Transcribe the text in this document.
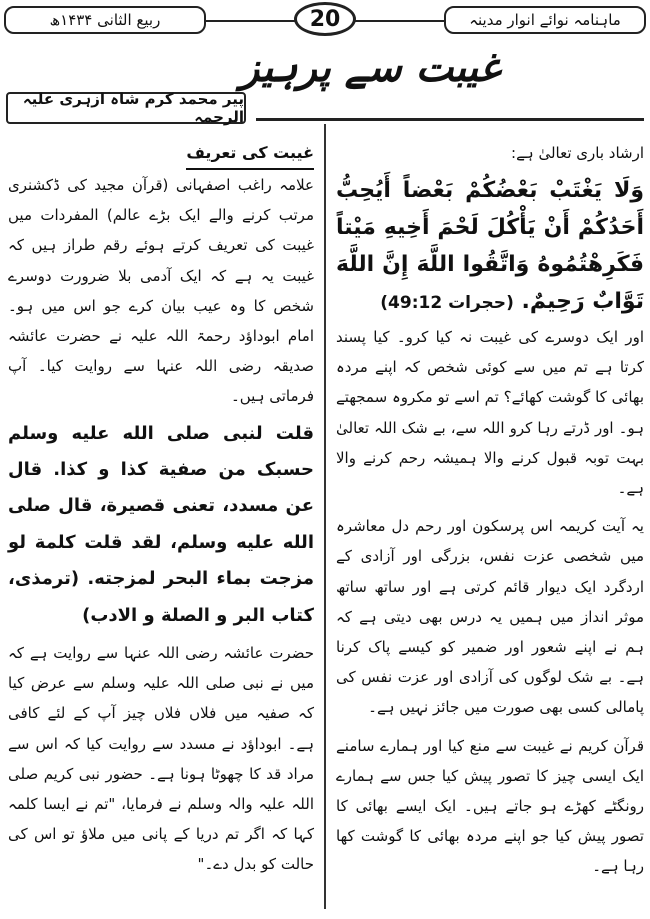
ماہنامہ نوائے انوار مدینہ
20
ربیع الثانی ۱۴۳۴ھ
غیبت سے پرہیز
پیر محمد کرم شاہ ازہری علیہ الرحمہ

ارشاد باری تعالیٰ ہے:

وَلَا يَغْتَبْ بَعْضُكُمْ بَعْضاً أَيُحِبُّ أَحَدُكُمْ أَنْ يَأْكُلَ لَحْمَ أَخِيهِ مَيْتاً فَكَرِهْتُمُوهُ وَاتَّقُوا اللَّهَ إِنَّ اللَّهَ تَوَّابٌ رَحِيمٌ. (حجرات 49:12)

اور ایک دوسرے کی غیبت نہ کیا کرو۔ کیا پسند کرتا ہے تم میں سے کوئی شخص کہ اپنے مردہ بھائی کا گوشت کھائے؟ تم اسے تو مکروہ سمجھتے ہو۔ اور ڈرتے رہا کرو اللہ سے، بے شک اللہ تعالیٰ بہت توبہ قبول کرنے والا ہمیشہ رحم کرنے والا ہے۔

یہ آیت کریمہ اس پرسکون اور رحم دل معاشرہ میں شخصی عزت نفس، بزرگی اور آزادی کے اردگرد ایک دیوار قائم کرتی ہے اور ساتھ ساتھ موثر انداز میں ہمیں یہ درس بھی دیتی ہے کہ ہم نے اپنے شعور اور ضمیر کو کیسے پاک کرنا ہے۔ بے شک لوگوں کی آزادی اور عزت نفس کی پامالی کسی بھی صورت میں جائز نہیں ہے۔

قرآن کریم نے غیبت سے منع کیا اور ہمارے سامنے ایک ایسی چیز کا تصور پیش کیا جس سے ہمارے رونگٹے کھڑے ہو جاتے ہیں۔ ایک ایسے بھائی کا تصور پیش کیا جو اپنے مردہ بھائی کا گوشت کھا رہا ہے۔

غیبت کی تعریف

علامہ راغب اصفہانی (قرآن مجید کی ڈکشنری مرتب کرنے والے ایک بڑے عالم) المفردات میں غیبت کی تعریف کرتے ہوئے رقم طراز ہیں کہ غیبت یہ ہے کہ ایک آدمی بلا ضرورت دوسرے شخص کا وہ عیب بیان کرے جو اس میں ہو۔ امام ابوداؤد رحمۃ اللہ علیہ نے حضرت عائشہ صدیقہ رضی اللہ عنہا سے روایت کیا۔ آپ فرماتی ہیں۔

قلت لنبى صلى الله عليه وسلم حسبک من صفية كذا و كذا. قال عن مسدد، تعنى قصيرة، قال صلى الله عليه وسلم، لقد قلت كلمة لو مزجت بماء البحر لمزجته. (ترمذی، کتاب البر و الصلة و الادب)

حضرت عائشہ رضی اللہ عنہا سے روایت ہے کہ میں نے نبی صلی اللہ علیہ وسلم سے عرض کیا کہ صفیہ میں فلاں فلاں چیز آپ کے لئے کافی ہے۔ ابوداؤد نے مسدد سے روایت کیا کہ اس سے مراد قد کا چھوٹا ہونا ہے۔ حضور نبی کریم صلی اللہ علیہ والہ وسلم نے فرمایا، "تم نے ایسا کلمہ کہا کہ اگر تم دریا کے پانی میں ملاؤ تو اس کی حالت کو بدل دے۔"
